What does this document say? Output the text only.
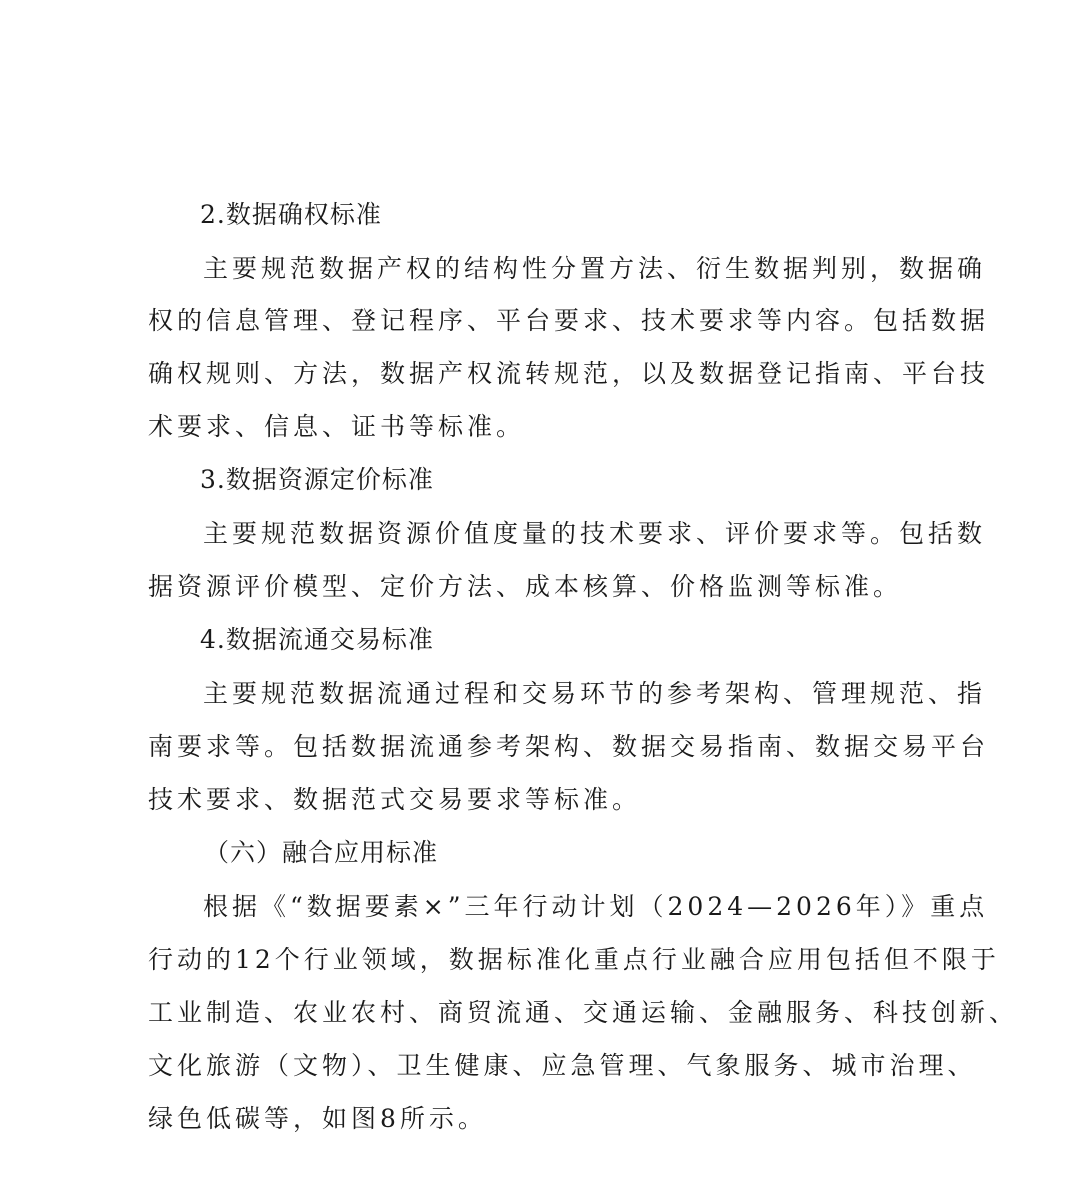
2.数据确权标准
主要规范数据产权的结构性分置方法、衍生数据判别，数据确
权的信息管理、登记程序、平台要求、技术要求等内容。包括数据
确权规则、方法，数据产权流转规范，以及数据登记指南、平台技
术要求、信息、证书等标准。
3.数据资源定价标准
主要规范数据资源价值度量的技术要求、评价要求等。包括数
据资源评价模型、定价方法、成本核算、价格监测等标准。
4.数据流通交易标准
主要规范数据流通过程和交易环节的参考架构、管理规范、指
南要求等。包括数据流通参考架构、数据交易指南、数据交易平台
技术要求、数据范式交易要求等标准。
（六）融合应用标准
根据《“数据要素×”三年行动计划（2024—2026年）》重点
行动的12个行业领域，数据标准化重点行业融合应用包括但不限于
工业制造、农业农村、商贸流通、交通运输、金融服务、科技创新、
文化旅游（文物）、卫生健康、应急管理、气象服务、城市治理、
绿色低碳等，如图8所示。
